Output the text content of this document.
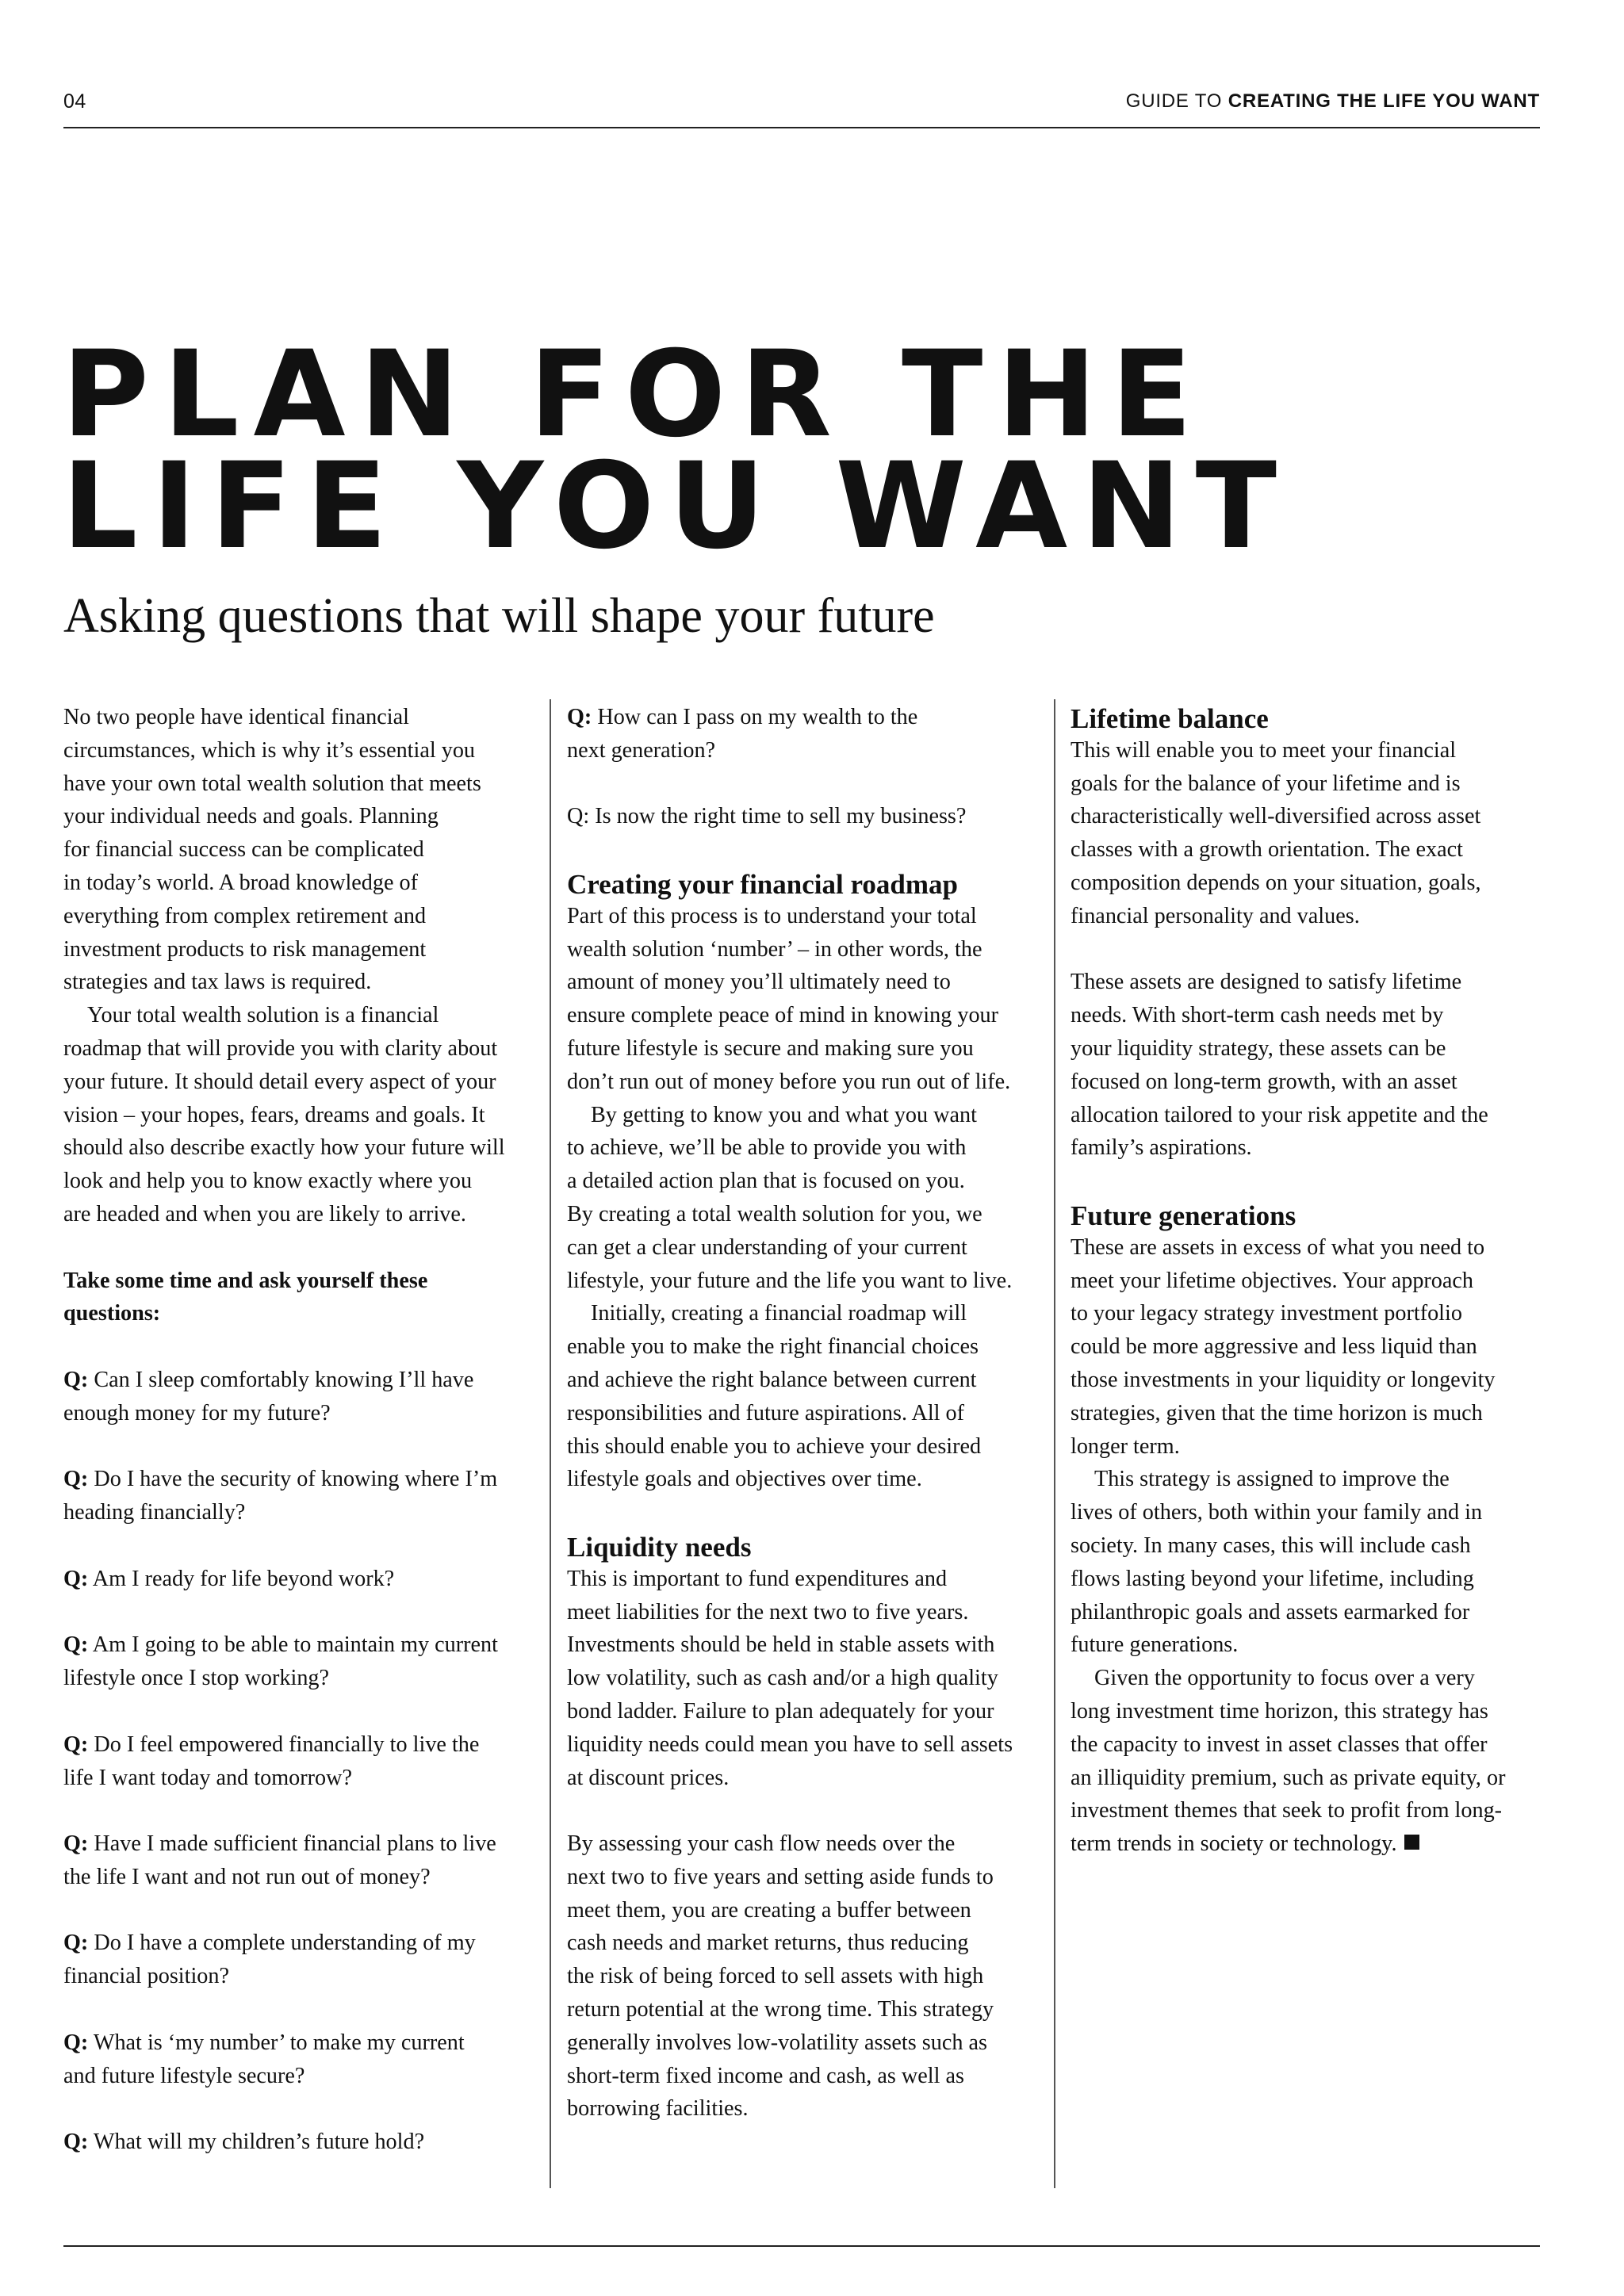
04	GUIDE TO CREATING THE LIFE YOU WANT
PLAN FOR THE
LIFE YOU WANT
Asking questions that will shape your future
No two people have identical financial
circumstances, which is why it’s essential you
have your own total wealth solution that meets
your individual needs and goals. Planning
for financial success can be complicated
in today’s world. A broad knowledge of
everything from complex retirement and
investment products to risk management
strategies and tax laws is required.
Your total wealth solution is a financial
roadmap that will provide you with clarity about
your future. It should detail every aspect of your
vision – your hopes, fears, dreams and goals. It
should also describe exactly how your future will
look and help you to know exactly where you
are headed and when you are likely to arrive.
Take some time and ask yourself these
questions:
Q: Can I sleep comfortably knowing I’ll have
enough money for my future?
Q: Do I have the security of knowing where I’m
heading financially?
Q: Am I ready for life beyond work?
Q: Am I going to be able to maintain my current
lifestyle once I stop working?
Q: Do I feel empowered financially to live the
life I want today and tomorrow?
Q: Have I made sufficient financial plans to live
the life I want and not run out of money?
Q: Do I have a complete understanding of my
financial position?
Q: What is ‘my number’ to make my current
and future lifestyle secure?
Q: What will my children’s future hold?
Q: How can I pass on my wealth to the
next generation?
Q: Is now the right time to sell my business?
Creating your financial roadmap
Part of this process is to understand your total
wealth solution ‘number’ – in other words, the
amount of money you’ll ultimately need to
ensure complete peace of mind in knowing your
future lifestyle is secure and making sure you
don’t run out of money before you run out of life.
By getting to know you and what you want
to achieve, we’ll be able to provide you with
a detailed action plan that is focused on you.
By creating a total wealth solution for you, we
can get a clear understanding of your current
lifestyle, your future and the life you want to live.
Initially, creating a financial roadmap will
enable you to make the right financial choices
and achieve the right balance between current
responsibilities and future aspirations. All of
this should enable you to achieve your desired
lifestyle goals and objectives over time.
Liquidity needs
This is important to fund expenditures and
meet liabilities for the next two to five years.
Investments should be held in stable assets with
low volatility, such as cash and/or a high quality
bond ladder. Failure to plan adequately for your
liquidity needs could mean you have to sell assets
at discount prices.
By assessing your cash flow needs over the
next two to five years and setting aside funds to
meet them, you are creating a buffer between
cash needs and market returns, thus reducing
the risk of being forced to sell assets with high
return potential at the wrong time. This strategy
generally involves low-volatility assets such as
short-term fixed income and cash, as well as
borrowing facilities.
Lifetime balance
This will enable you to meet your financial
goals for the balance of your lifetime and is
characteristically well-diversified across asset
classes with a growth orientation. The exact
composition depends on your situation, goals,
financial personality and values.
These assets are designed to satisfy lifetime
needs. With short-term cash needs met by
your liquidity strategy, these assets can be
focused on long-term growth, with an asset
allocation tailored to your risk appetite and the
family’s aspirations.
Future generations
These are assets in excess of what you need to
meet your lifetime objectives. Your approach
to your legacy strategy investment portfolio
could be more aggressive and less liquid than
those investments in your liquidity or longevity
strategies, given that the time horizon is much
longer term.
This strategy is assigned to improve the
lives of others, both within your family and in
society. In many cases, this will include cash
flows lasting beyond your lifetime, including
philanthropic goals and assets earmarked for
future generations.
Given the opportunity to focus over a very
long investment time horizon, this strategy has
the capacity to invest in asset classes that offer
an illiquidity premium, such as private equity, or
investment themes that seek to profit from long-
term trends in society or technology.
